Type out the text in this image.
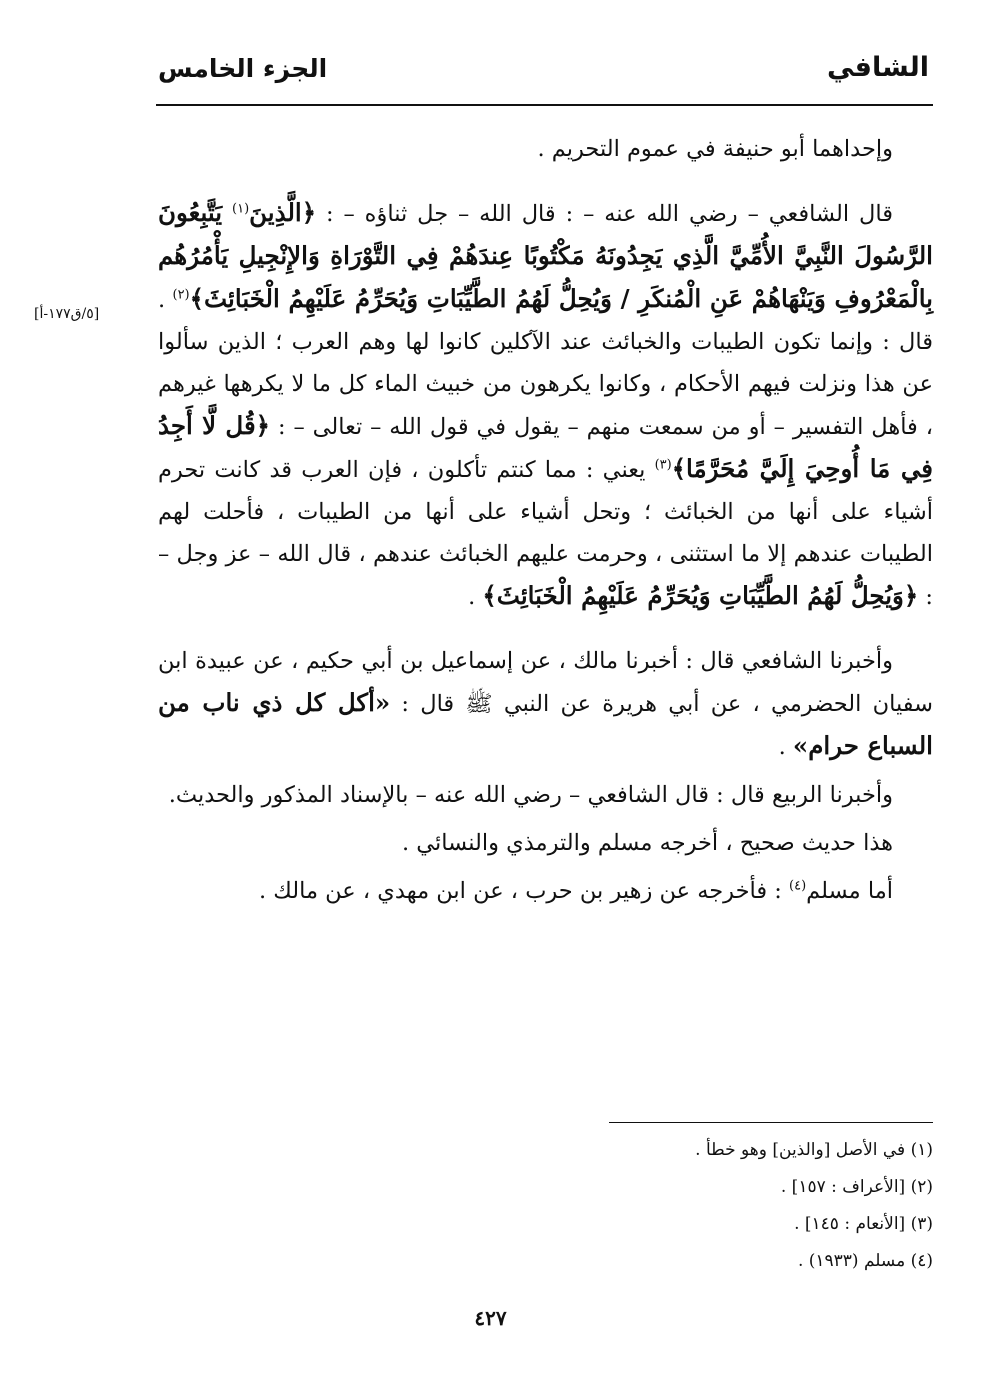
الشافي
الجزء الخامس
[٥/ق١٧٧-أ]

وإحداهما أبو حنيفة في عموم التحريم .

قال الشافعي – رضي الله عنه – : قال الله – جل ثناؤه – : ﴿الَّذِينَ$^{(١)}$ يَتَّبِعُونَ الرَّسُولَ النَّبِيَّ الأُمِّيَّ الَّذِي يَجِدُونَهُ مَكْتُوبًا عِندَهُمْ فِي التَّوْرَاةِ وَالإِنْجِيلِ يَأْمُرُهُم بِالْمَعْرُوفِ وَيَنْهَاهُمْ عَنِ الْمُنكَرِ / وَيُحِلُّ لَهُمُ الطَّيِّبَاتِ وَيُحَرِّمُ عَلَيْهِمُ الْخَبَائِثَ﴾$^{(٢)}$ . قال : وإنما تكون الطيبات والخبائث عند الآكلين كانوا لها وهم العرب ؛ الذين سألوا عن هذا ونزلت فيهم الأحكام ، وكانوا يكرهون من خبيث الماء كل ما لا يكرهها غيرهم ، فأهل التفسير – أو من سمعت منهم – يقول في قول الله – تعالى – : ﴿قُل لَّا أَجِدُ فِي مَا أُوحِيَ إِلَيَّ مُحَرَّمًا﴾$^{(٣)}$ يعني : مما كنتم تأكلون ، فإن العرب قد كانت تحرم أشياء على أنها من الخبائث ؛ وتحل أشياء على أنها من الطيبات ، فأحلت لهم الطيبات عندهم إلا ما استثنى ، وحرمت عليهم الخبائث عندهم ، قال الله – عز وجل – : ﴿وَيُحِلُّ لَهُمُ الطَّيِّبَاتِ وَيُحَرِّمُ عَلَيْهِمُ الْخَبَائِثَ﴾ .

وأخبرنا الشافعي قال : أخبرنا مالك ، عن إسماعيل بن أبي حكيم ، عن عبيدة ابن سفيان الحضرمي ، عن أبي هريرة عن النبي ﷺ قال : «أكل كل ذي ناب من السباع حرام» .

وأخبرنا الربيع قال : قال الشافعي – رضي الله عنه – بالإسناد المذكور والحديث.

هذا حديث صحيح ، أخرجه مسلم والترمذي والنسائي .

أما مسلم$^{(٤)}$ : فأخرجه عن زهير بن حرب ، عن ابن مهدي ، عن مالك .

(١) في الأصل [والذين] وهو خطأ .

(٢) [الأعراف : ١٥٧] .

(٣) [الأنعام : ١٤٥] .

(٤) مسلم (١٩٣٣) .

٤٢٧
